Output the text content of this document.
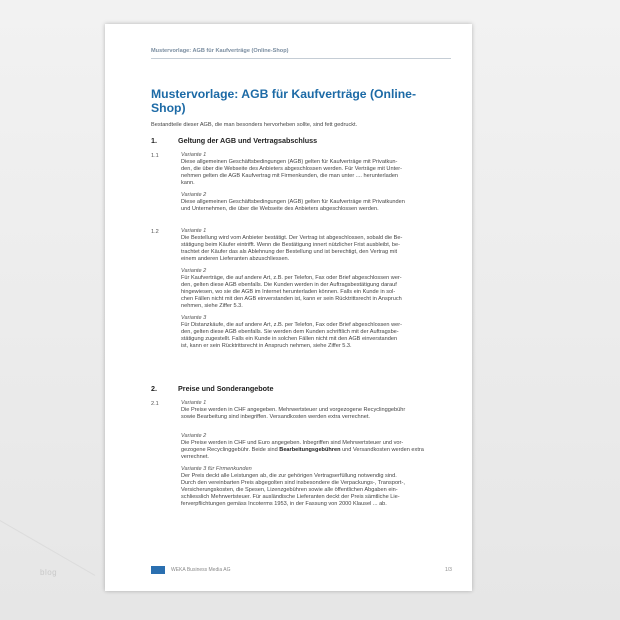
Mustervorlage: AGB für Kaufverträge (Online-Shop)
Mustervorlage: AGB für Kaufverträge (Online-
Shop)
Bestandteile dieser AGB, die man besonders hervorheben sollte, sind fett gedruckt.
1.	Geltung der AGB und Vertragsabschluss
1.1	Variante 1
Diese allgemeinen Geschäftsbedingungen (AGB) gelten für Kaufverträge mit Privatkun-
den, die über die Webseite des Anbieters abgeschlossen werden. Für Verträge mit Unter-
nehmen gelten die AGB Kaufvertrag mit Firmenkunden, die man unter .... herunterladen
kann.
Variante 2
Diese allgemeinen Geschäftsbedingungen (AGB) gelten für Kaufverträge mit Privatkunden
und Unternehmen, die über die Webseite des Anbieters abgeschlossen werden.
1.2	Variante 1
Die Bestellung wird vom Anbieter bestätigt. Der Vertrag ist abgeschlossen, sobald die Be-
stätigung beim Käufer eintrifft. Wenn die Bestätigung innert nützlicher Frist ausbleibt, be-
trachtet der Käufer das als Ablehnung der Bestellung und ist berechtigt, den Vertrag mit
einem anderen Lieferanten abzuschliessen.
Variante 2
Für Kaufverträge, die auf andere Art, z.B. per Telefon, Fax oder Brief abgeschlossen wer-
den, gelten diese AGB ebenfalls. Die Kunden werden in der Auftragsbestätigung darauf
hingewiesen, wo sie die AGB im Internet herunterladen können. Falls ein Kunde in sol-
chen Fällen nicht mit den AGB einverstanden ist, kann er sein Rücktrittsrecht in Anspruch
nehmen, siehe Ziffer 5.3.
Variante 3
Für Distanzkäufe, die auf andere Art, z.B. per Telefon, Fax oder Brief abgeschlossen wer-
den, gelten diese AGB ebenfalls. Sie werden dem Kunden schriftlich mit der Auftragsbe-
stätigung zugestellt. Falls ein Kunde in solchen Fällen nicht mit den AGB einverstanden
ist, kann er sein Rücktrittsrecht in Anspruch nehmen, siehe Ziffer 5.3.
2.	Preise und Sonderangebote
2.1	Variante 1
Die Preise werden in CHF angegeben. Mehrwertsteuer und vorgezogene Recyclinggebühr
sowie Bearbeitung sind inbegriffen. Versandkosten werden extra verrechnet.
Variante 2
Die Preise werden in CHF und Euro angegeben. Inbegriffen sind Mehrwertsteuer und vor-
gezogene Recyclinggebühr. Beide sind Bearbeitungsgebühren und Versandkosten werden extra
verrechnet.
Variante 3 für Firmenkunden
Der Preis deckt alle Leistungen ab, die zur gehörigen Vertragserfüllung notwendig sind.
Durch den vereinbarten Preis abgegolten sind insbesondere die Verpackungs-, Transport-,
Versicherungskosten, die Spesen, Lizenzgebühren sowie alle öffentlichen Abgaben ein-
schliesslich Mehrwertsteuer. Für ausländische Lieferanten deckt der Preis sämtliche Lie-
ferverpflichtungen gemäss Incoterms 1953, in der Fassung von 2000 Klausel ... ab.
WEKA Business Media AG	1/3
blog
